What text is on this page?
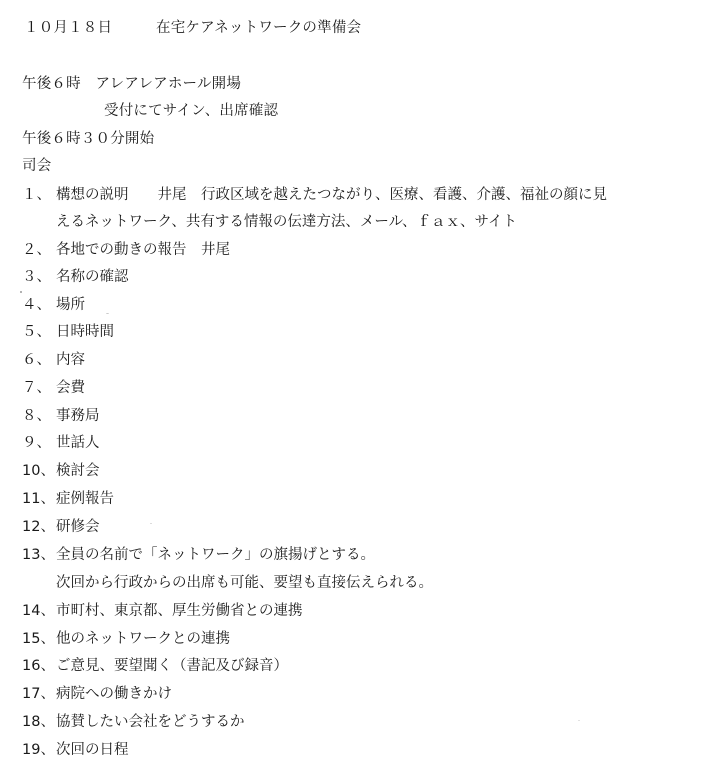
１０月１８日	在宅ケアネットワークの準備会
午後６時　アレアレアホール開場
受付にてサイン、出席確認
午後６時３０分開始
司会
１、 構想の説明　　井尾　行政区域を越えたつながり、医療、看護、介護、福祉の顔に見
えるネットワーク、共有する情報の伝達方法、メール、ｆａｘ、サイト
２、 各地での動きの報告　井尾
３、 名称の確認
４、 場所
５、 日時時間
６、 内容
７、 会費
８、 事務局
９、 世話人
10、 検討会
11、 症例報告
12、 研修会
13、 全員の名前で「ネットワーク」の旗揚げとする。
次回から行政からの出席も可能、要望も直接伝えられる。
14、 市町村、東京都、厚生労働省との連携
15、 他のネットワークとの連携
16、 ご意見、要望聞く（書記及び録音）
17、 病院への働きかけ
18、 協賛したい会社をどうするか
19、 次回の日程
